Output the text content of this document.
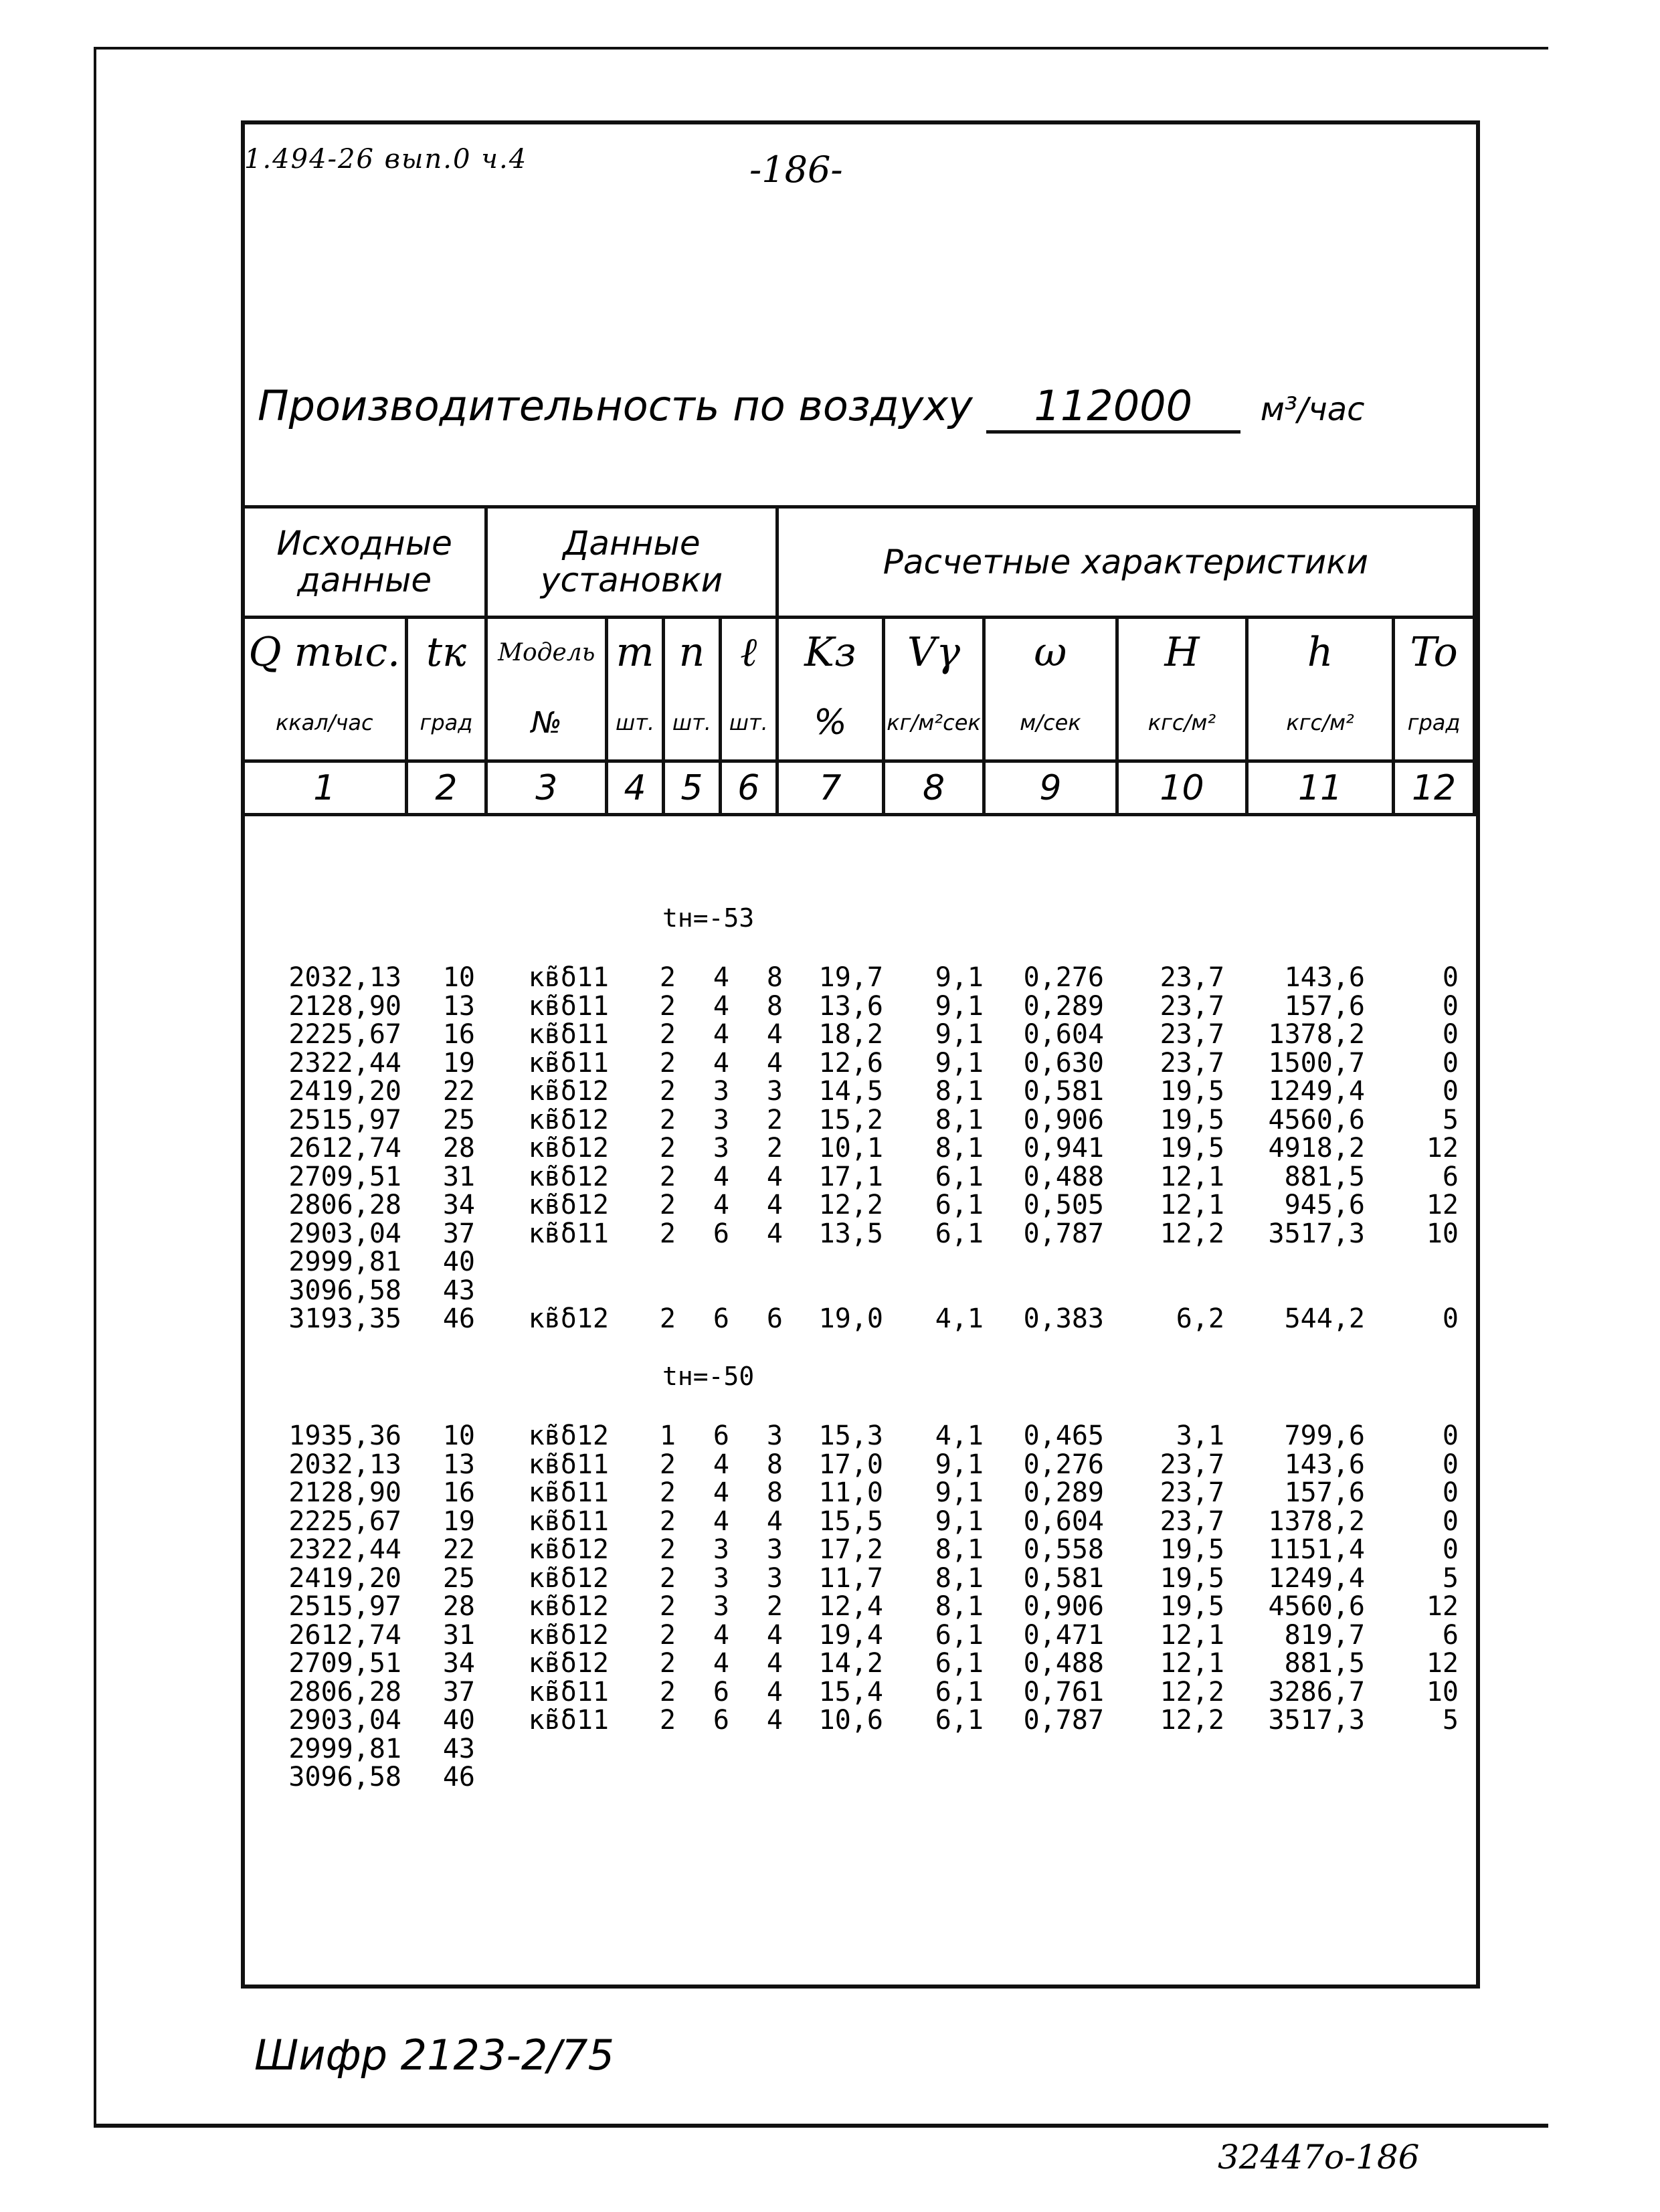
1.494-26 вып.0 ч.4	-186-
Производительность по воздуху 112000 м³/час
Исходные данные		Данные установки				Расчетные характеристики					
Q тыс.	tк	Модель	m	n	ℓ	Kз	Vγ	ω	H	h	To
ккал/час	град	№	шт.	шт.	шт.	%	кг/м²сек	м/сек	кгс/м²	кгс/м²	град
1	2	3	4	5	6	7	8	9	10	11	12
tн=-53
2032,13	10	кв̃δ11	2	4	8	19,7	9,1	0,276	23,7	143,6	0
2128,90	13	кв̃δ11	2	4	8	13,6	9,1	0,289	23,7	157,6	0
2225,67	16	кв̃δ11	2	4	4	18,2	9,1	0,604	23,7	1378,2	0
2322,44	19	кв̃δ11	2	4	4	12,6	9,1	0,630	23,7	1500,7	0
2419,20	22	кв̃δ12	2	3	3	14,5	8,1	0,581	19,5	1249,4	0
2515,97	25	кв̃δ12	2	3	2	15,2	8,1	0,906	19,5	4560,6	5
2612,74	28	кв̃δ12	2	3	2	10,1	8,1	0,941	19,5	4918,2	12
2709,51	31	кв̃δ12	2	4	4	17,1	6,1	0,488	12,1	881,5	6
2806,28	34	кв̃δ12	2	4	4	12,2	6,1	0,505	12,1	945,6	12
2903,04	37	кв̃δ11	2	6	4	13,5	6,1	0,787	12,2	3517,3	10
2999,81	40
3096,58	43
3193,35	46	кв̃δ12	2	6	6	19,0	4,1	0,383	6,2	544,2	0
tн=-50
1935,36	10	кв̃δ12	1	6	3	15,3	4,1	0,465	3,1	799,6	0
2032,13	13	кв̃δ11	2	4	8	17,0	9,1	0,276	23,7	143,6	0
2128,90	16	кв̃δ11	2	4	8	11,0	9,1	0,289	23,7	157,6	0
2225,67	19	кв̃δ11	2	4	4	15,5	9,1	0,604	23,7	1378,2	0
2322,44	22	кв̃δ12	2	3	3	17,2	8,1	0,558	19,5	1151,4	0
2419,20	25	кв̃δ12	2	3	3	11,7	8,1	0,581	19,5	1249,4	5
2515,97	28	кв̃δ12	2	3	2	12,4	8,1	0,906	19,5	4560,6	12
2612,74	31	кв̃δ12	2	4	4	19,4	6,1	0,471	12,1	819,7	6
2709,51	34	кв̃δ12	2	4	4	14,2	6,1	0,488	12,1	881,5	12
2806,28	37	кв̃δ11	2	6	4	15,4	6,1	0,761	12,2	3286,7	10
2903,04	40	кв̃δ11	2	6	4	10,6	6,1	0,787	12,2	3517,3	5
2999,81	43
3096,58	46
Шифр 2123-2/75
32447о-186
